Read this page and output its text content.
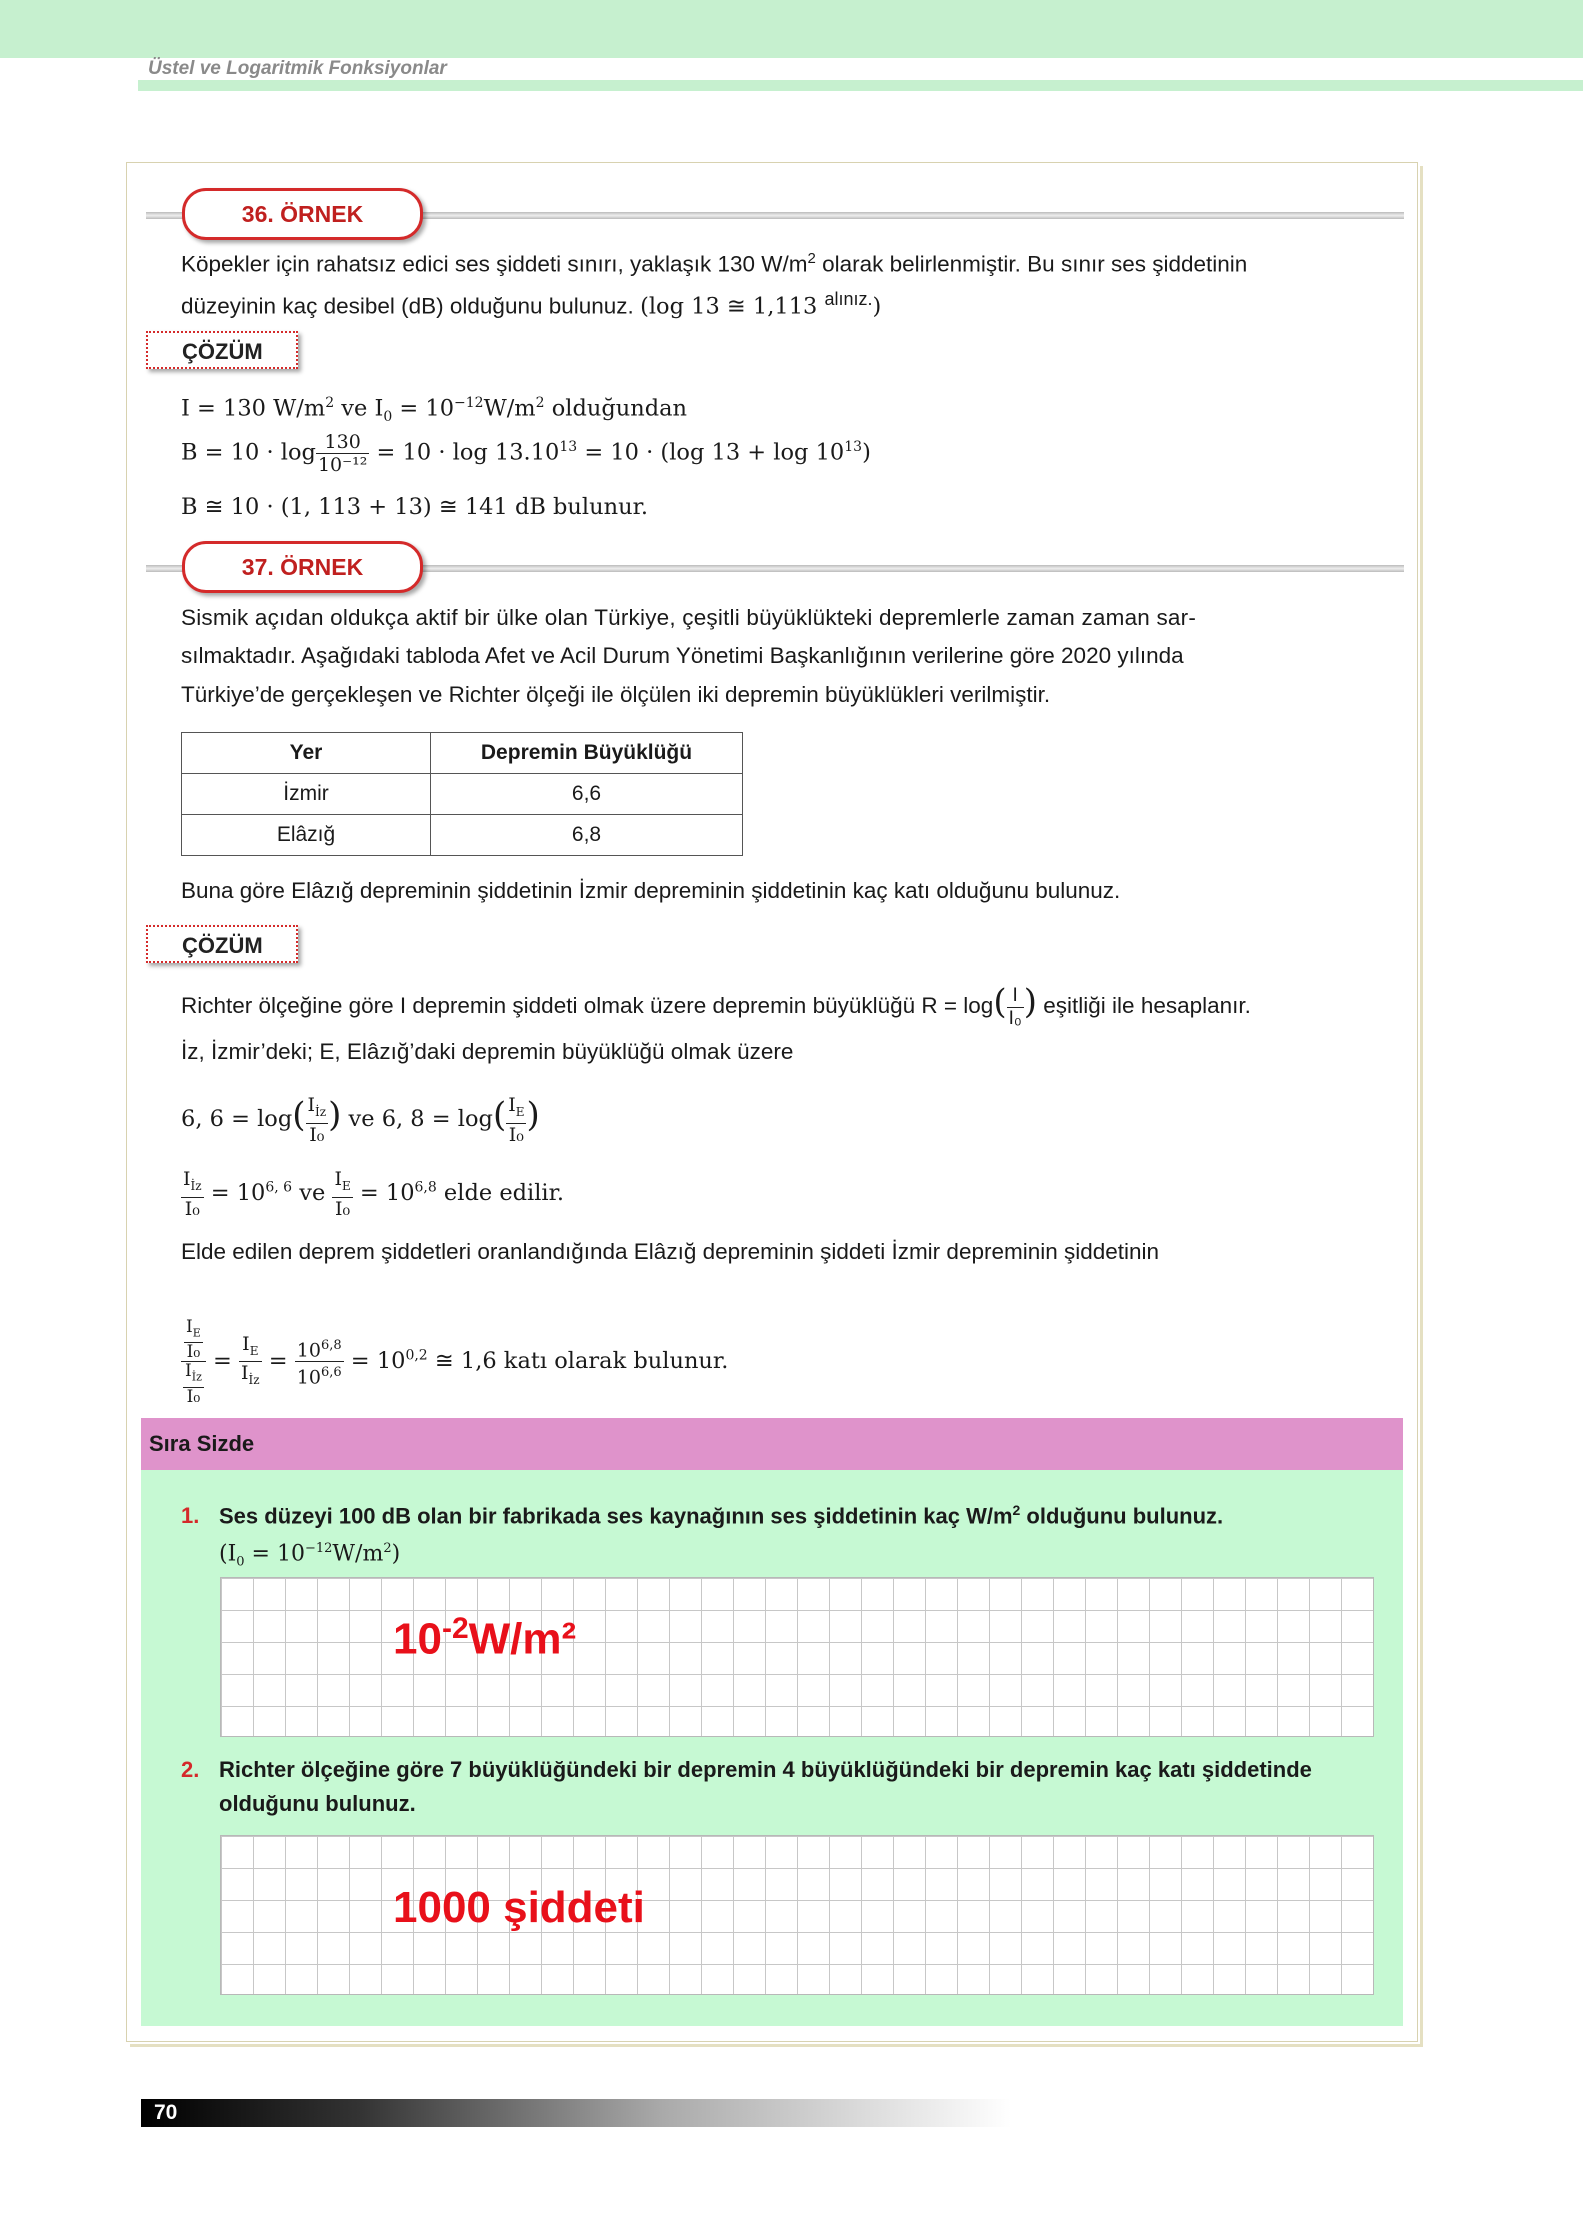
Üstel ve Logaritmik Fonksiyonlar
36. ÖRNEK
Köpekler için rahatsız edici ses şiddeti sınırı, yaklaşık 130 $W/m^2$ olarak belirlenmiştir. Bu sınır ses şiddetinin
düzeyinin kaç desibel (dB) olduğunu bulunuz. (log 13 ≅ 1,113 $^{alınız.}$)
ÇÖZÜM
I = 130 $W/m^2$ ve $I_0 = 10^{-12}W/m^2$ olduğundan
$B = 10 \cdot \log \frac{130}{\text{10⁻¹²}} = 10 \cdot \log 13.10^{13} = 10 \cdot (\log$ $13 + \log 10^{13}$)
B ≅ 10 · (1, 113 + 13) ≅ 141 dB bulunur.
37. ÖRNEK
Sismik açıdan oldukça aktif bir ülke olan Türkiye, çeşitli büyüklükteki depremlerle zaman zaman sar-
sılmaktadır. Aşağıdaki tabloda Afet ve Acil Durum Yönetimi Başkanlığının verilerine göre 2020 yılında
Türkiye’de gerçekleşen ve Richter ölçeği ile ölçülen iki depremin büyüklükleri verilmiştir.
Yer	Depremin Büyüklüğü
İzmir	6,6
Elâzığ	6,8
Buna göre Elâzığ depreminin şiddetinin İzmir depreminin şiddetinin kaç katı olduğunu bulunuz.
ÇÖZÜM
Richter ölçeğine göre I depremin şiddeti olmak üzere depremin büyüklüğü $R = \log( \frac{I}{\text{I₀}}$ ) eşitliği ile hesaplanır.
İz, İzmir’deki; E, Elâzığ’daki depremin büyüklüğü olmak üzere
6, $6 = \log( \frac{I_{İz}}{\text{I₀}}$ ) ve 6, $8 = \log( \frac{I_E}{\text{I₀}}$ )
$\frac{I_{İz}}{\text{I₀}} = 10^{6, 6}$ ve $\frac{I_E}{\text{I₀}} = 10^{6,8}$ elde edilir.
Elde edilen deprem şiddetleri oranlandığında Elâzığ depreminin şiddeti İzmir depreminin şiddetinin
$\frac{\frac{I_E}{\text{I₀}}}{\frac{I_{İz}}{\text{I₀}}} = \frac{I_E}{I_{İz}} = \frac{10^{6,8}}{10^{6,6}} = 10^{0,2}$ ≅ 1,6 katı olarak bulunur.
Sıra Sizde
1. Ses düzeyi 100 dB olan bir fabrikada ses kaynağının ses şiddetinin kaç $W/m^2$ olduğunu bulunuz.
$(I_0 = 10^{-12}W/m^2)$
$10^{-2}W/m^2$
2. Richter ölçeğine göre 7 büyüklüğündeki bir depremin 4 büyüklüğündeki bir depremin kaç katı şiddetinde
olduğunu bulunuz.
1000 şiddeti
70
